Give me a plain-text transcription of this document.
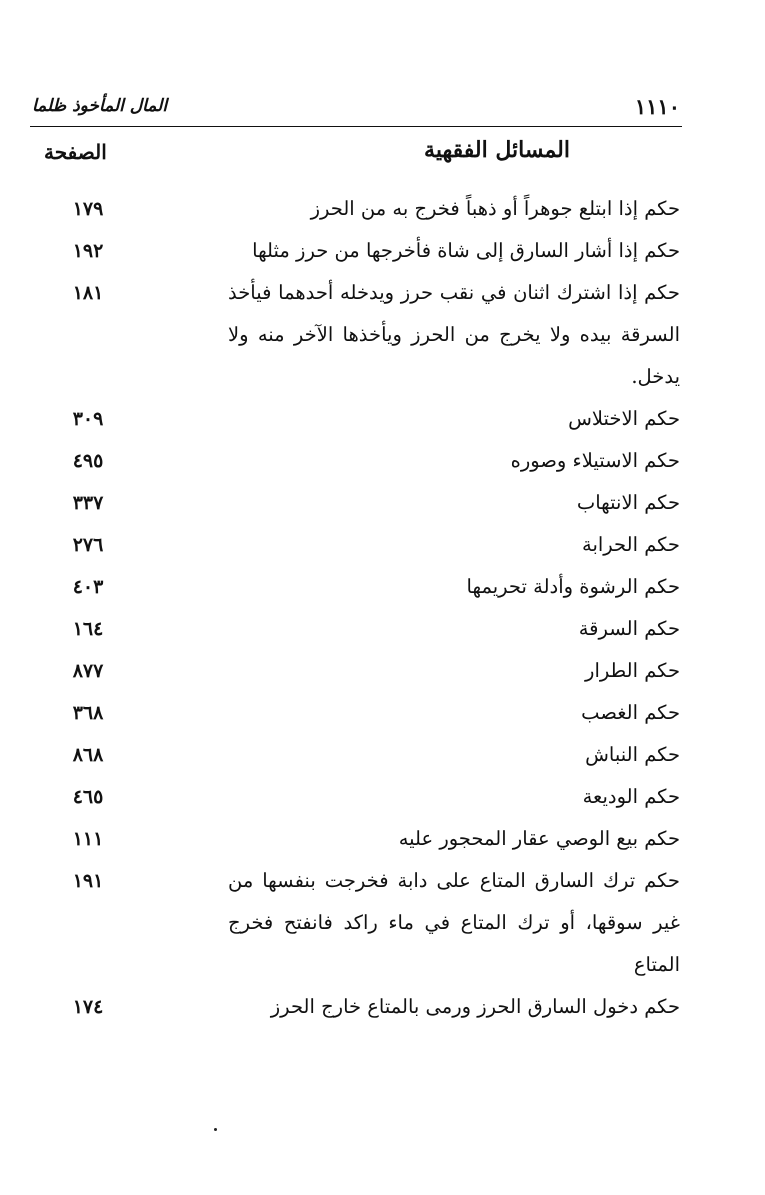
١١١٠
المال المأخوذ ظلما
المسائل الفقهية
الصفحة
حكم إذا ابتلع جوهراً أو ذهباً فخرج به من الحرز
١٧٩
حكم إذا أشار السارق إلى شاة فأخرجها من حرز مثلها
١٩٢
حكم إذا اشترك اثنان في نقب حرز ويدخله أحدهما فيأخذ السرقة بيده ولا يخرج من الحرز ويأخذها الآخر منه ولا يدخل.
١٨١
حكم الاختلاس
٣٠٩
حكم الاستيلاء وصوره
٤٩٥
حكم الانتهاب
٣٣٧
حكم الحرابة
٢٧٦
حكم الرشوة وأدلة تحريمها
٤٠٣
حكم السرقة
١٦٤
حكم الطرار
٨٧٧
حكم الغصب
٣٦٨
حكم النباش
٨٦٨
حكم الوديعة
٤٦٥
حكم بيع الوصي عقار المحجور عليه
١١١
حكم ترك السارق المتاع على دابة فخرجت بنفسها من غير سوقها، أو ترك المتاع في ماء راكد فانفتح فخرج المتاع
١٩١
حكم دخول السارق الحرز ورمى بالمتاع خارج الحرز
١٧٤
